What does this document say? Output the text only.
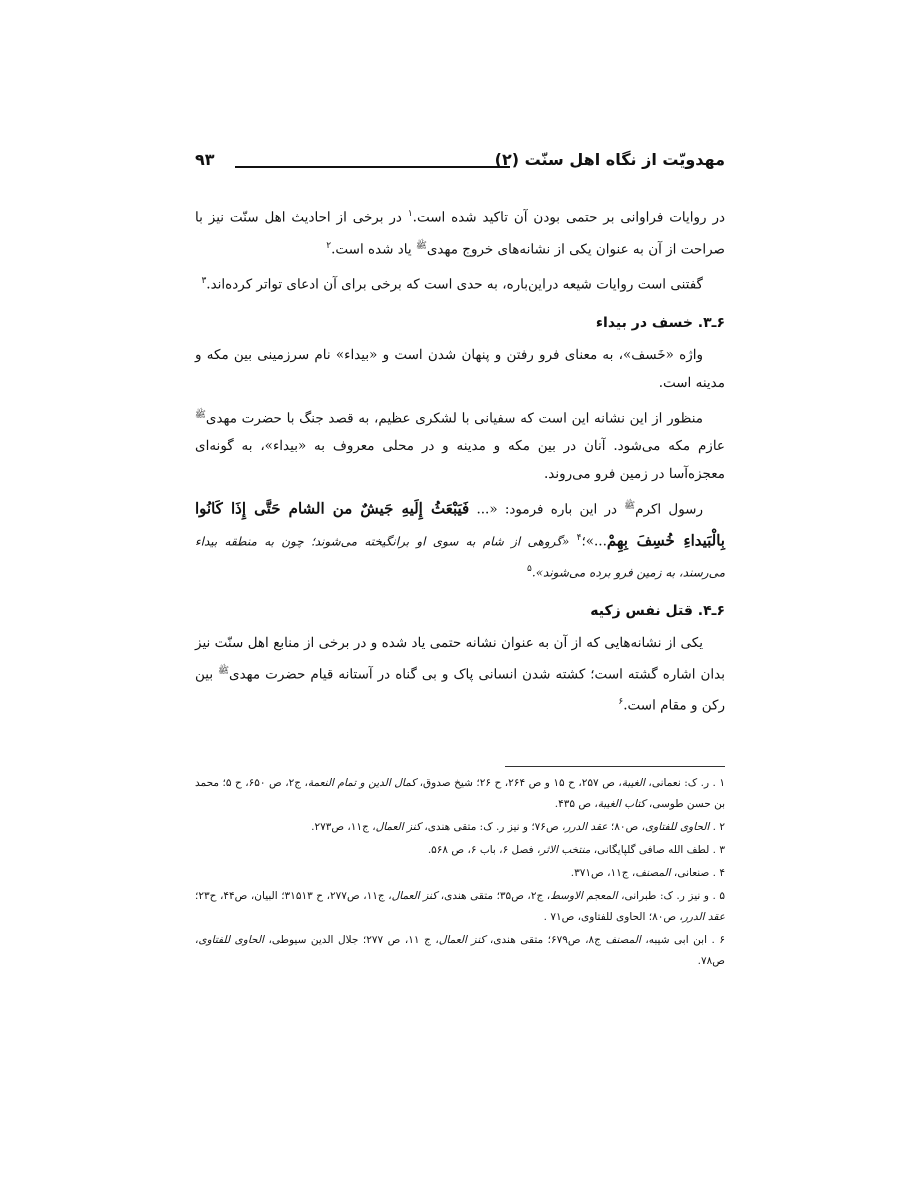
مهدویّت از نگاه اهل سنّت (۲)
۹۳

در روایات فراوانی بر حتمی بودن آن تاکید شده است.$^۱$ در برخی از احادیث اهل سنّت نیز با صراحت از آن به عنوان یکی از نشانه‌های خروج مهدی$^ﷺ$ یاد شده است.$^۲$

گفتنی است روایات شیعه دراین‌باره، به حدی است که برخی برای آن ادعای تواتر کرده‌اند.$^۳$

۶ـ۳. خسف در بیداء

واژه «خَسف»، به معنای فرو رفتن و پنهان شدن است و «بیداء» نام سرزمینی بین مکه و مدینه است.

منظور از این نشانه این است که سفیانی با لشکری عظیم، به قصد جنگ با حضرت مهدی$^ﷺ$ عازم مکه می‌شود. آنان در بین مکه و مدینه و در محلی معروف به «بیداء»، به گونه‌ای معجزه‌آسا در زمین فرو می‌روند.

رسول اکرم$^ﷺ$ در این باره فرمود: «... فَيَبْعَثُ إِلَيهِ جَيشٌ من الشام حَتَّى إِذَا كَانُوا بِالْبَيداءِ خُسِفَ بِهِمْ...»؛$^۴$ «گروهی از شام به سوی او برانگیخته می‌شوند؛ چون به منطقه بیداء می‌رسند، به زمین فرو برده می‌شوند».$^۵$

۶ـ۴. قتل نفس زکیه

یکی از نشانه‌هایی که از آن به عنوان نشانه حتمی یاد شده و در برخی از منابع اهل سنّت نیز بدان اشاره گشته است؛ کشته شدن انسانی پاک و بی گناه در آستانه قیام حضرت مهدی$^ﷺ$ بین رکن و مقام است.$^۶$

۱ . ر. ک: نعمانی، الغیبة، ص ۲۵۷، ح ۱۵ و ص ۲۶۴، ح ۲۶؛ شیخ صدوق، کمال الدین و تمام النعمة، ج۲، ص ۶۵۰، ح ۵؛ محمد بن حسن طوسی، کتاب الغیبة، ص ۴۳۵.
۲ . الحاوی للفتاوی، ص۸۰؛ عقد الدرر، ص۷۶؛ و نیز ر. ک: متقی هندی، کنز العمال، ج۱۱، ص۲۷۳.
۳ . لطف الله صافی گلپایگانی، منتخب الاثر، فصل ۶، باب ۶، ص ۵۶۸.
۴ . صنعانی، المصنف، ج۱۱، ص۳۷۱.
۵ . و نیز ر. ک: طبرانی، المعجم الاوسط، ج۲، ص۳۵؛ متقی هندی، کنز العمال، ج۱۱، ص۲۷۷، ح ۳۱۵۱۳؛ البیان، ص۴۴، ح۲۳؛ عقد الدرر، ص۸۰؛ الحاوی للفتاوی، ص۷۱ .
۶ . ابن ابی شیبه، المصنف ج۸، ص۶۷۹؛ متقی هندی، کنز العمال، ج ۱۱، ص ۲۷۷؛ جلال الدین سیوطی، الحاوی للفتاوی، ص۷۸.
